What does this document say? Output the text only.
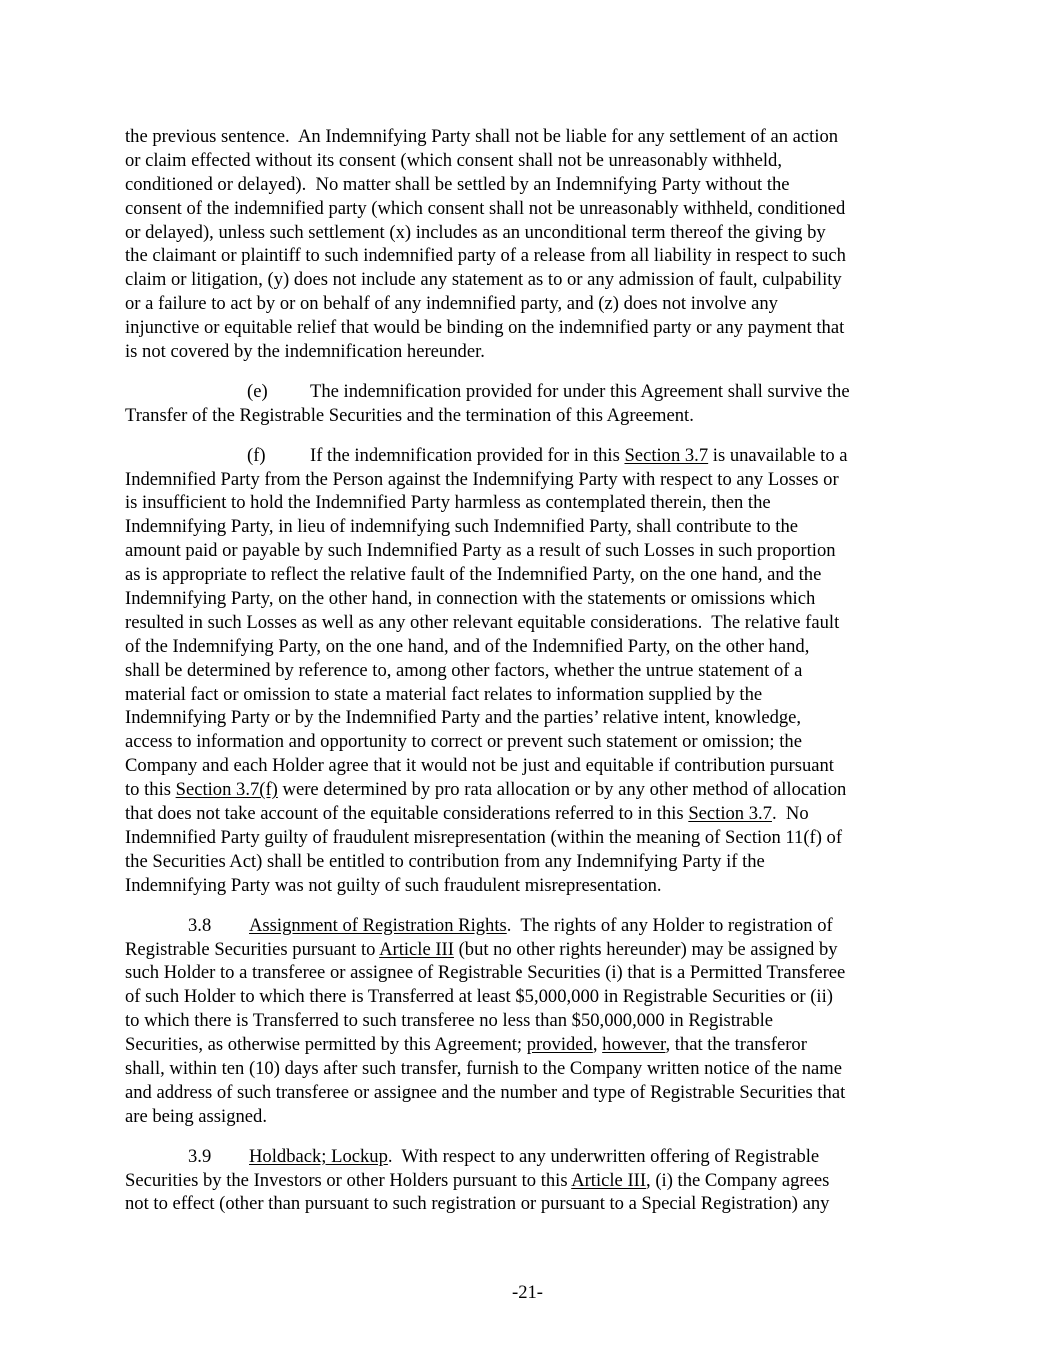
the previous sentence.  An Indemnifying Party shall not be liable for any settlement of an action
or claim effected without its consent (which consent shall not be unreasonably withheld,
conditioned or delayed).  No matter shall be settled by an Indemnifying Party without the
consent of the indemnified party (which consent shall not be unreasonably withheld, conditioned
or delayed), unless such settlement (x) includes as an unconditional term thereof the giving by
the claimant or plaintiff to such indemnified party of a release from all liability in respect to such
claim or litigation, (y) does not include any statement as to or any admission of fault, culpability
or a failure to act by or on behalf of any indemnified party, and (z) does not involve any
injunctive or equitable relief that would be binding on the indemnified party or any payment that
is not covered by the indemnification hereunder.
(e) The indemnification provided for under this Agreement shall survive the
Transfer of the Registrable Securities and the termination of this Agreement.
(f) If the indemnification provided for in this Section 3.7 is unavailable to a
Indemnified Party from the Person against the Indemnifying Party with respect to any Losses or
is insufficient to hold the Indemnified Party harmless as contemplated therein, then the
Indemnifying Party, in lieu of indemnifying such Indemnified Party, shall contribute to the
amount paid or payable by such Indemnified Party as a result of such Losses in such proportion
as is appropriate to reflect the relative fault of the Indemnified Party, on the one hand, and the
Indemnifying Party, on the other hand, in connection with the statements or omissions which
resulted in such Losses as well as any other relevant equitable considerations.  The relative fault
of the Indemnifying Party, on the one hand, and of the Indemnified Party, on the other hand,
shall be determined by reference to, among other factors, whether the untrue statement of a
material fact or omission to state a material fact relates to information supplied by the
Indemnifying Party or by the Indemnified Party and the parties’ relative intent, knowledge,
access to information and opportunity to correct or prevent such statement or omission; the
Company and each Holder agree that it would not be just and equitable if contribution pursuant
to this Section 3.7(f) were determined by pro rata allocation or by any other method of allocation
that does not take account of the equitable considerations referred to in this Section 3.7.  No
Indemnified Party guilty of fraudulent misrepresentation (within the meaning of Section 11(f) of
the Securities Act) shall be entitled to contribution from any Indemnifying Party if the
Indemnifying Party was not guilty of such fraudulent misrepresentation.
3.8 Assignment of Registration Rights.  The rights of any Holder to registration of
Registrable Securities pursuant to Article III (but no other rights hereunder) may be assigned by
such Holder to a transferee or assignee of Registrable Securities (i) that is a Permitted Transferee
of such Holder to which there is Transferred at least $5,000,000 in Registrable Securities or (ii)
to which there is Transferred to such transferee no less than $50,000,000 in Registrable
Securities, as otherwise permitted by this Agreement; provided, however, that the transferor
shall, within ten (10) days after such transfer, furnish to the Company written notice of the name
and address of such transferee or assignee and the number and type of Registrable Securities that
are being assigned.
3.9 Holdback; Lockup.  With respect to any underwritten offering of Registrable
Securities by the Investors or other Holders pursuant to this Article III, (i) the Company agrees
not to effect (other than pursuant to such registration or pursuant to a Special Registration) any
-21-
